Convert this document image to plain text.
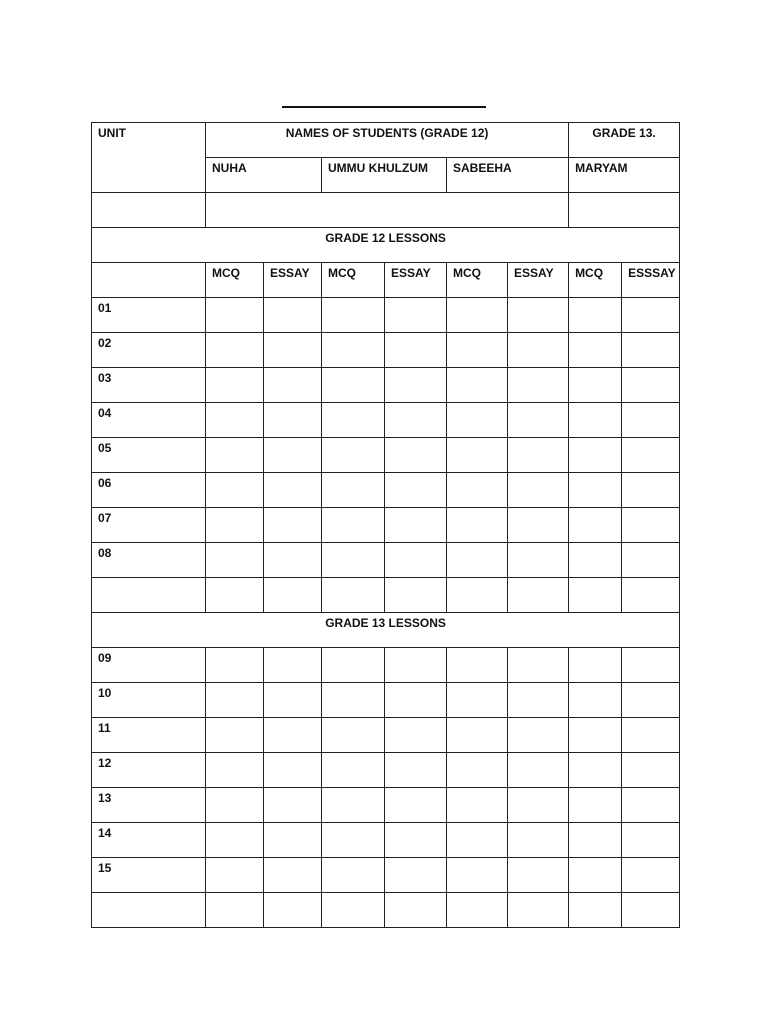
UNIT	NAMES OF STUDENTS (GRADE 12)						GRADE 13.	
	NUHA		UMMU KHULZUM		SABEEHA		MARYAM	

GRADE 12 LESSONS								
	MCQ	ESSAY	MCQ	ESSAY	MCQ	ESSAY	MCQ	ESSSAY
01								
02								
03								
04								
05								
06								
07								
08								

GRADE 13 LESSONS								
09								
10								
11								
12								
13								
14								
15								
